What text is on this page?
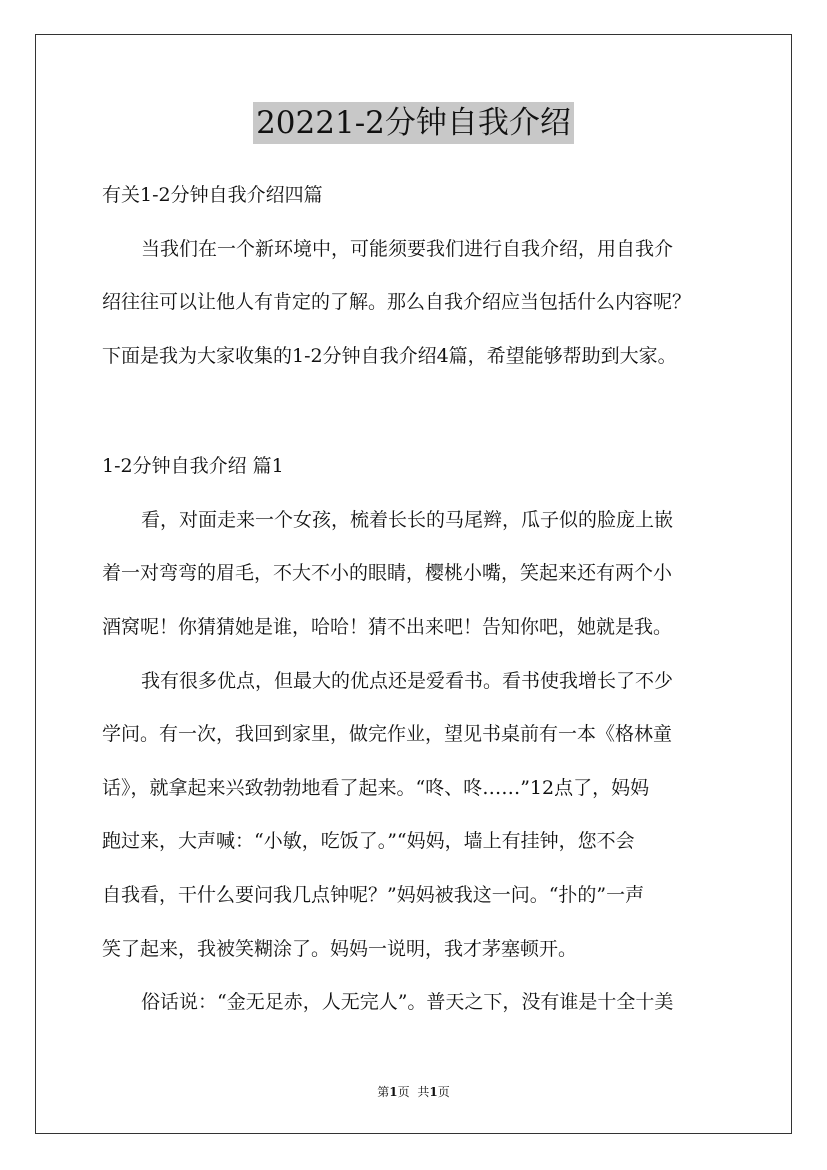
20221-2分钟自我介绍

有关1-2分钟自我介绍四篇

当我们在一个新环境中，可能须要我们进行自我介绍，用自我介

绍往往可以让他人有肯定的了解。那么自我介绍应当包括什么内容呢？

下面是我为大家收集的1-2分钟自我介绍4篇，希望能够帮助到大家。

1-2分钟自我介绍 篇1

看，对面走来一个女孩，梳着长长的马尾辫，瓜子似的脸庞上嵌

着一对弯弯的眉毛，不大不小的眼睛，樱桃小嘴，笑起来还有两个小

酒窝呢！你猜猜她是谁，哈哈！猜不出来吧！告知你吧，她就是我。

我有很多优点，但最大的优点还是爱看书。看书使我增长了不少

学问。有一次，我回到家里，做完作业，望见书桌前有一本《格林童

话》，就拿起来兴致勃勃地看了起来。“咚、咚……”12点了，妈妈

跑过来，大声喊：“小敏，吃饭了。”“妈妈，墙上有挂钟，您不会

自我看，干什么要问我几点钟呢？”妈妈被我这一问。“扑的”一声

笑了起来，我被笑糊涂了。妈妈一说明，我才茅塞顿开。

俗话说：“金无足赤，人无完人”。普天之下，没有谁是十全十美

第1页 共1页
